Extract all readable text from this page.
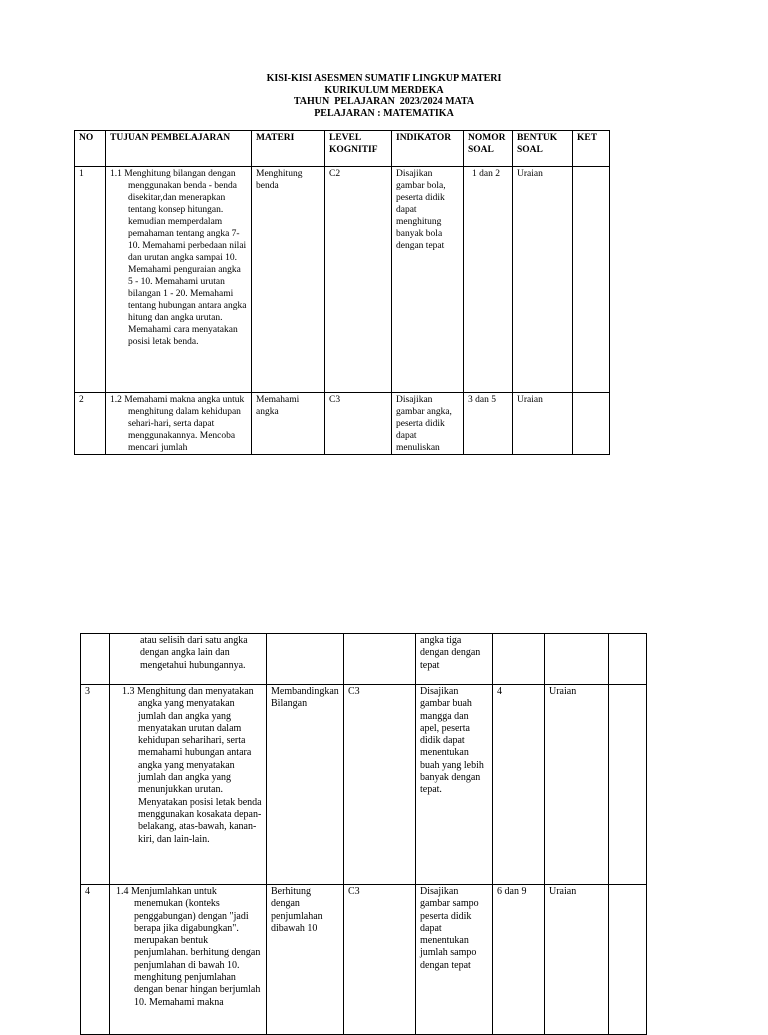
KISI-KISI ASESMEN SUMATIF LINGKUP MATERI
KURIKULUM MERDEKA
TAHUN  PELAJARAN  2023/2024 MATA
PELAJARAN : MATEMATIKA
NO	TUJUAN PEMBELAJARAN	MATERI	LEVEL KOGNITIF	INDIKATOR	NOMOR SOAL	BENTUK SOAL	KET
1	1.1 Menghitung bilangan dengan menggunakan benda - benda disekitar,dan menerapkan tentang konsep hitungan. kemudian memperdalam pemahaman tentang angka 7-10. Memahami perbedaan nilai dan urutan angka sampai 10. Memahami penguraian angka 5 - 10. Memahami urutan bilangan 1 - 20. Memahami tentang hubungan antara angka hitung dan angka urutan. Memahami cara menyatakan posisi letak benda.	Menghitung benda	C2	Disajikan gambar bola, peserta didik dapat menghitung banyak bola dengan tepat	1 dan 2	Uraian	
2	1.2 Memahami makna angka untuk menghitung dalam kehidupan sehari-hari, serta dapat menggunakannya. Mencoba mencari jumlah	Memahami angka	C3	Disajikan gambar angka, peserta didik dapat menuliskan	3 dan 5	Uraian	
	atau selisih dari satu angka dengan angka lain dan mengetahui hubungannya.			angka tiga dengan dengan tepat			
3	1.3 Menghitung dan menyatakan angka yang menyatakan jumlah dan angka yang menyatakan urutan dalam kehidupan seharihari, serta memahami hubungan antara angka yang menyatakan jumlah dan angka yang menunjukkan urutan. Menyatakan posisi letak benda menggunakan kosakata depan-belakang, atas-bawah, kanan-kiri, dan lain-lain.	Membandingkan Bilangan	C3	Disajikan gambar buah mangga dan apel, peserta didik dapat menentukan buah yang lebih banyak dengan tepat.	4	Uraian	
4	1.4 Menjumlahkan untuk menemukan (konteks penggabungan) dengan "jadi berapa jika digabungkan". merupakan bentuk penjumlahan. berhitung dengan penjumlahan di bawah 10. menghitung penjumlahan dengan benar hingan berjumlah 10. Memahami makna	Berhitung dengan penjumlahan dibawah 10	C3	Disajikan gambar sampo peserta didik dapat menentukan jumlah sampo dengan tepat	6 dan 9	Uraian	
